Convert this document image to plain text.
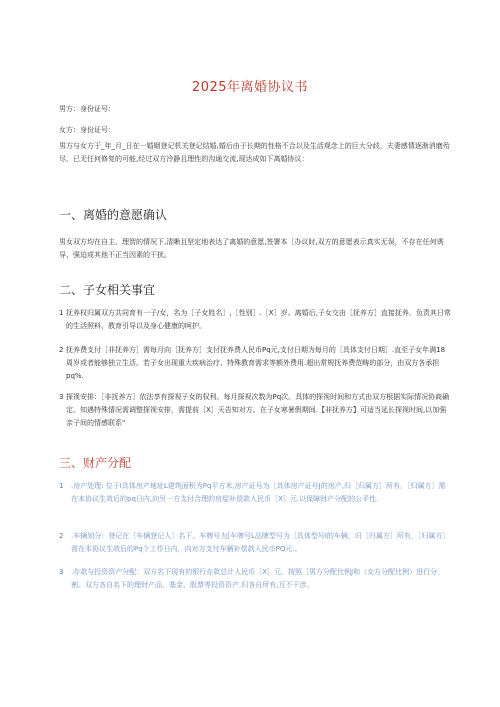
2025年离婚协议书
男方：身份证号：
女方：身份证号：
男方与女方于_年_月_日在一婚姻登记机关登记结婚,婚后由于长期的性格不合以及生活观念上的巨大分歧，夫妻感情逐渐消磨殆尽，已无任何修复的可能,经过双方冷静且理性的沟通交流,现达成如下离婚协议：
一、离婚的意愿确认
男女双方均在自主、理智的情况下,清晰且坚定地表达了离婚的意愿,签署本［办议时,双方的意愿表示真实无误，不存在任何诱导、强迫或其他不正当因素的干扰。
二、子女相关事宜
1 抚养权归属双方共同育有一子/女，名为［子女姓名］,［性别］.［X］岁。离婚后,子女交由［抚养方］直接抚养，负责其日常的生活照料、教育引导以及身心健康的呵护。
2 抚养费支付［非抚养方］需每月向［抚养方］支付抚养费人民币Pq元,支付日期为每月的［具体支付日期］.直至子女年满18周岁或者能够独立生活。若子女出现重大疾病治疗、特殊教育需求等额外费用.超出常规抚养费范畴的部分，由双方各承担pq%.
3 探视安排：［非抚养方］依法享有探视子女的权利。每月探视次数为Pq次。具体的探视时间和方式由双方根据实际情况协商确定。知遇特殊情况需调整探视安排，需提前［X］天告知对方。在子女寒暑假期间.【非抚养方】可适当延长探视时间,以加强亲子间的情感联系"
三、财产分配
1	.房产处理: 位于I具体房产地址L建筑面积为Pq平方米,房产证号为［具体房产证号J的房产,归［归属方］所有，［归属方］需在本协议生效后的pq日内,向另一方支付合理的房屋补偿款人民币［X］元.以保障财产分配的公平性.
2	.车辆划分：登记在［车辆登记人］名下、车牌号为[车牌号L品牌型号为［具体型号I的车辆，归［归属方］所有，［归属方］需在本协议生效后的Pq个工作日内，向对方支付车辆补偿款人民币PQ元.。
3	.存款与投资资产分配：双方名下现有的银行存款总计人民币［X］元，按照［男方分配比例J和（女方分配比例）进行分割。双方各自名下的理财产品、基金、股票等投资资产.归各自所有,互不干涉。
